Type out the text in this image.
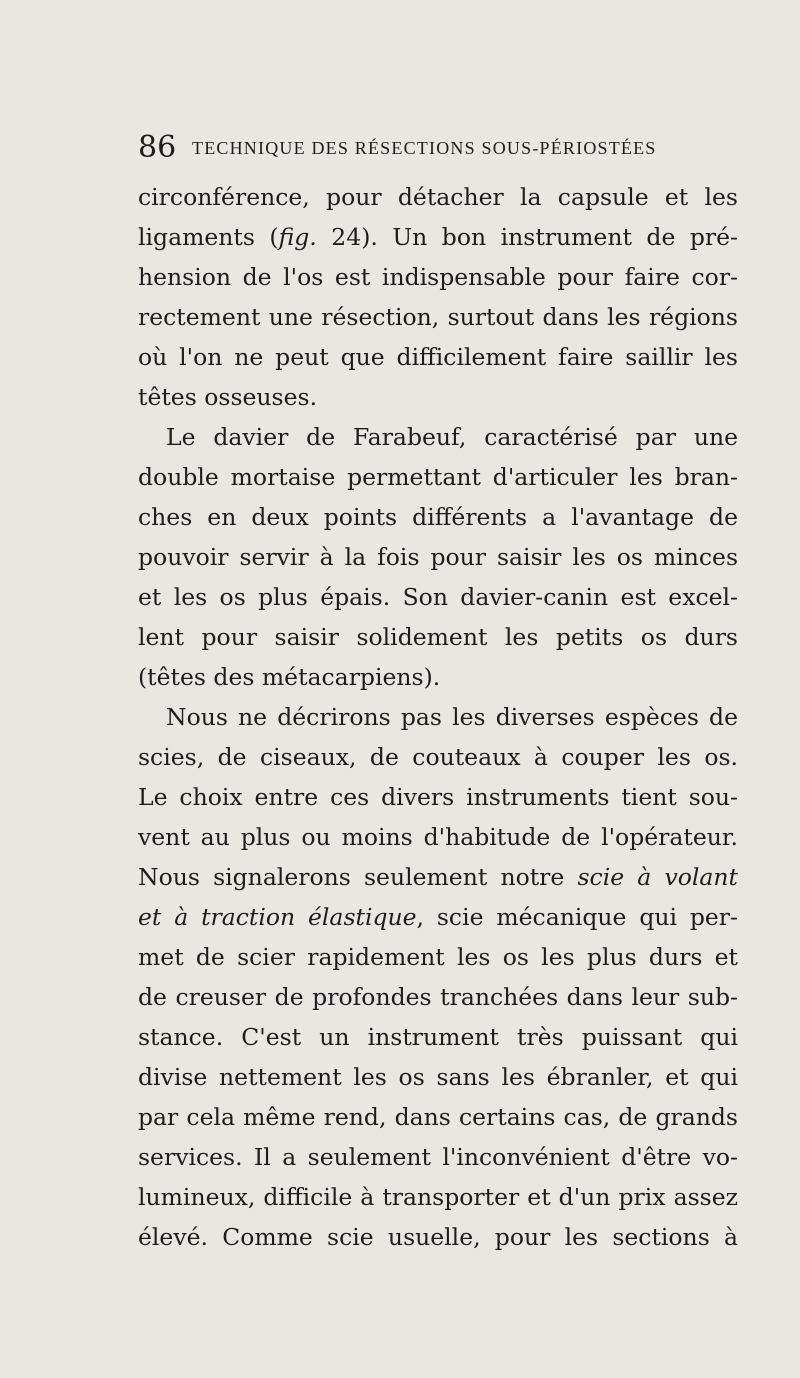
86 TECHNIQUE DES RÉSECTIONS SOUS-PÉRIOSTÉES
circonférence, pour détacher la capsule et les
ligaments (fig. 24). Un bon instrument de pré-
hension de l'os est indispensable pour faire cor-
rectement une résection, surtout dans les régions
où l'on ne peut que difficilement faire saillir les
têtes osseuses.
Le davier de Farabeuf, caractérisé par une
double mortaise permettant d'articuler les bran-
ches en deux points différents a l'avantage de
pouvoir servir à la fois pour saisir les os minces
et les os plus épais. Son davier-canin est excel-
lent pour saisir solidement les petits os durs
(têtes des métacarpiens).
Nous ne décrirons pas les diverses espèces de
scies, de ciseaux, de couteaux à couper les os.
Le choix entre ces divers instruments tient sou-
vent au plus ou moins d'habitude de l'opérateur.
Nous signalerons seulement notre scie à volant
et à traction élastique, scie mécanique qui per-
met de scier rapidement les os les plus durs et
de creuser de profondes tranchées dans leur sub-
stance. C'est un instrument très puissant qui
divise nettement les os sans les ébranler, et qui
par cela même rend, dans certains cas, de grands
services. Il a seulement l'inconvénient d'être vo-
lumineux, difficile à transporter et d'un prix assez
élevé. Comme scie usuelle, pour les sections à
